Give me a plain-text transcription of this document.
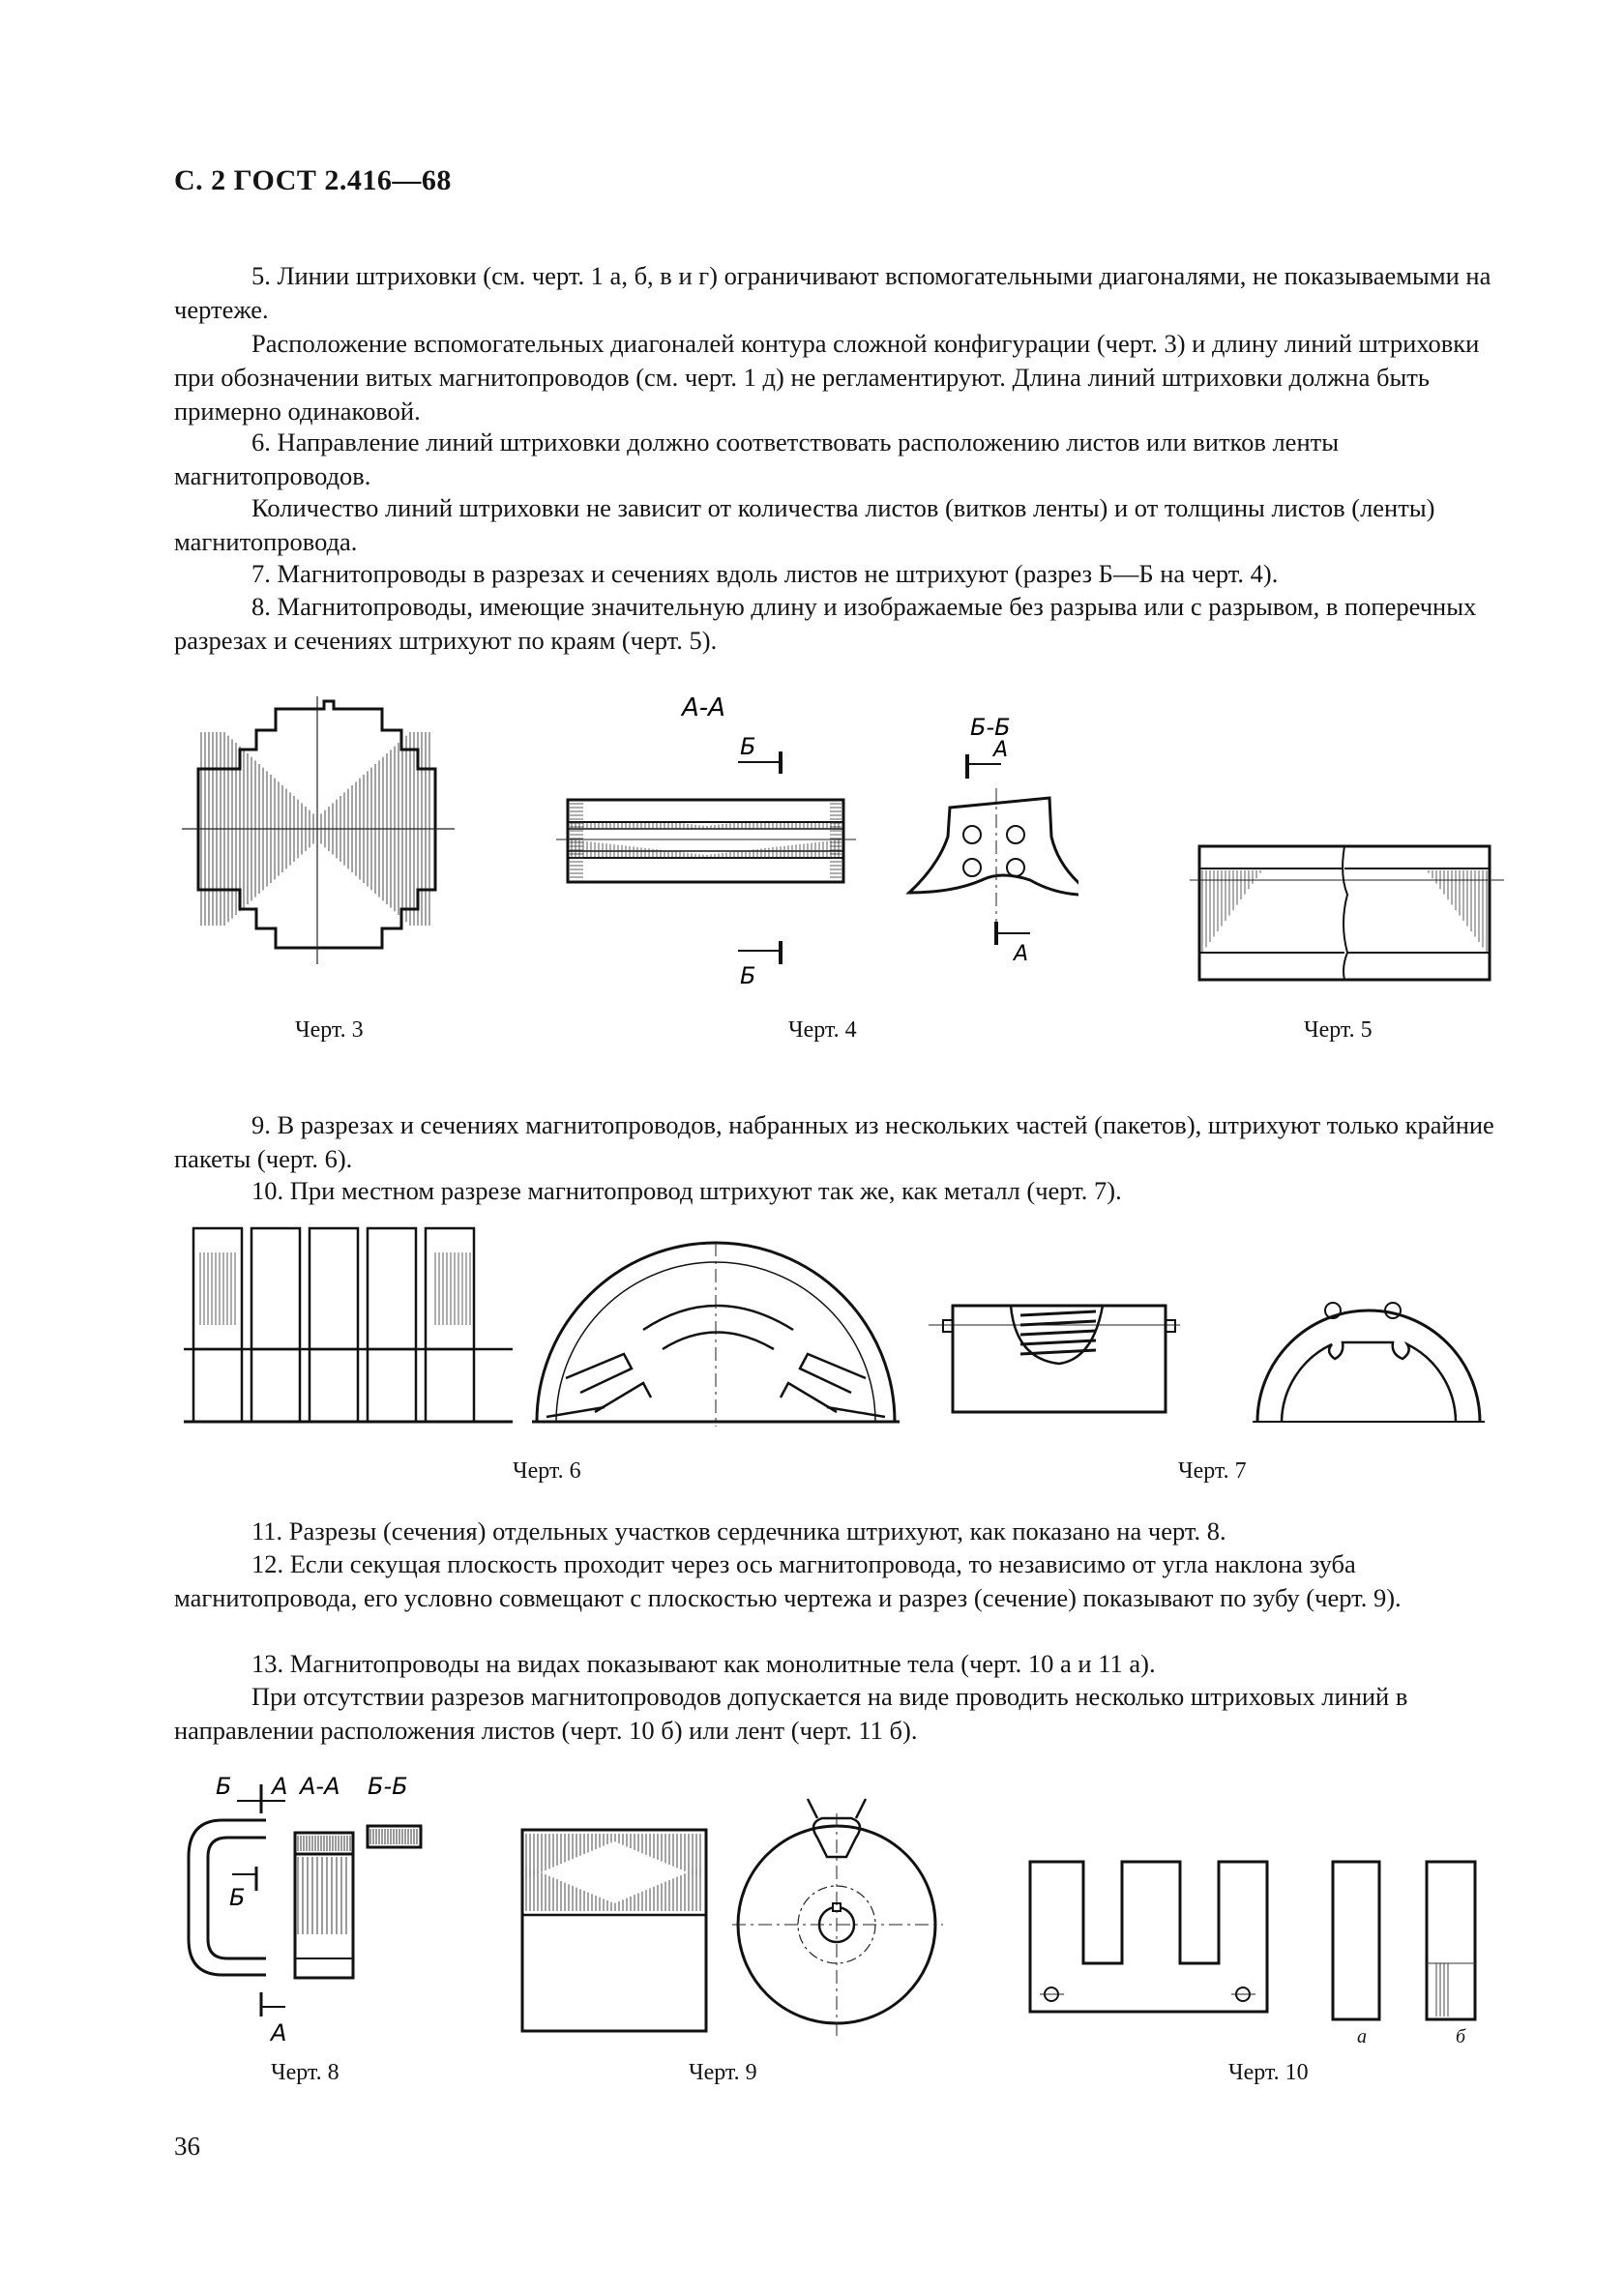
С. 2 ГОСТ 2.416—68

5. Линии штриховки (см. черт. 1 а, б, в и г) ограничивают вспомогательными диагоналями, не показываемыми на чертеже.

Расположение вспомогательных диагоналей контура сложной конфигурации (черт. 3) и длину линий штриховки при обозначении витых магнитопроводов (см. черт. 1 д) не регламентируют. Длина линий штриховки должна быть примерно одинаковой.

6. Направление линий штриховки должно соответствовать расположению листов или витков ленты магнитопроводов.

Количество линий штриховки не зависит от количества листов (витков ленты) и от толщины листов (ленты) магнитопровода.

7. Магнитопроводы в разрезах и сечениях вдоль листов не штрихуют (разрез Б—Б на черт. 4).

8. Магнитопроводы, имеющие значительную длину и изображаемые без разрыва или с разрывом, в поперечных разрезах и сечениях штрихуют по краям (черт. 5).

А-А
Б
Б
Б-Б
А
А
Черт. 3	Черт. 4	Черт. 5

9. В разрезах и сечениях магнитопроводов, набранных из нескольких частей (пакетов), штрихуют только крайние пакеты (черт. 6).

10. При местном разрезе магнитопровод штрихуют так же, как металл (черт. 7).

Черт. 6	Черт. 7

11. Разрезы (сечения) отдельных участков сердечника штрихуют, как показано на черт. 8.

12. Если секущая плоскость проходит через ось магнитопровода, то независимо от угла наклона зуба магнитопровода, его условно совмещают с плоскостью чертежа и разрез (сечение) показывают по зубу (черт. 9).

13. Магнитопроводы на видах показывают как монолитные тела (черт. 10 а и 11 а).

При отсутствии разрезов магнитопроводов допускается на виде проводить несколько штриховых линий в направлении расположения листов (черт. 10 б) или лент (черт. 11 б).

Б А А-А Б-Б
Б
А	а	б
Черт. 8	Черт. 9	Черт. 10
36
